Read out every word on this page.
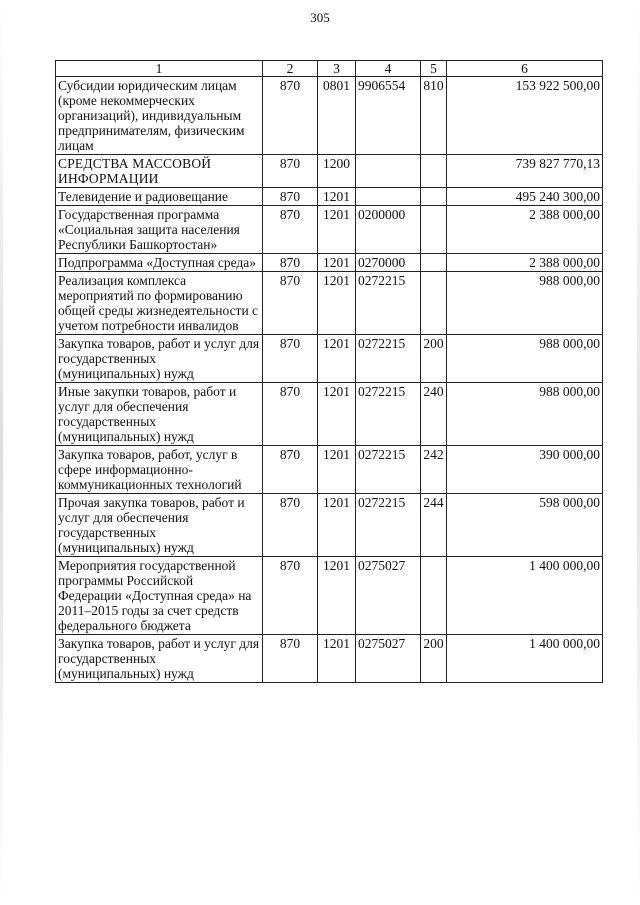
305
1	2	3	4	5	6
Субсидии юридическим лицам (кроме некоммерческих организаций), индивидуальным предпринимателям, физическим лицам	870	0801	9906554	810	153 922 500,00
СРЕДСТВА МАССОВОЙ ИНФОРМАЦИИ	870	1200			739 827 770,13
Телевидение и радиовещание	870	1201			495 240 300,00
Государственная программа «Социальная защита населения Республики Башкортостан»	870	1201	0200000		2 388 000,00
Подпрограмма «Доступная среда»	870	1201	0270000		2 388 000,00
Реализация комплекса мероприятий по формированию общей среды жизнедеятельности с учетом потребности инвалидов	870	1201	0272215		988 000,00
Закупка товаров, работ и услуг для государственных (муниципальных) нужд	870	1201	0272215	200	988 000,00
Иные закупки товаров, работ и услуг для обеспечения государственных (муниципальных) нужд	870	1201	0272215	240	988 000,00
Закупка товаров, работ, услуг в сфере информационно-коммуникационных технологий	870	1201	0272215	242	390 000,00
Прочая закупка товаров, работ и услуг для обеспечения государственных (муниципальных) нужд	870	1201	0272215	244	598 000,00
Мероприятия государственной программы Российской Федерации «Доступная среда» на 2011–2015 годы за счет средств федерального бюджета	870	1201	0275027		1 400 000,00
Закупка товаров, работ и услуг для государственных (муниципальных) нужд	870	1201	0275027	200	1 400 000,00
